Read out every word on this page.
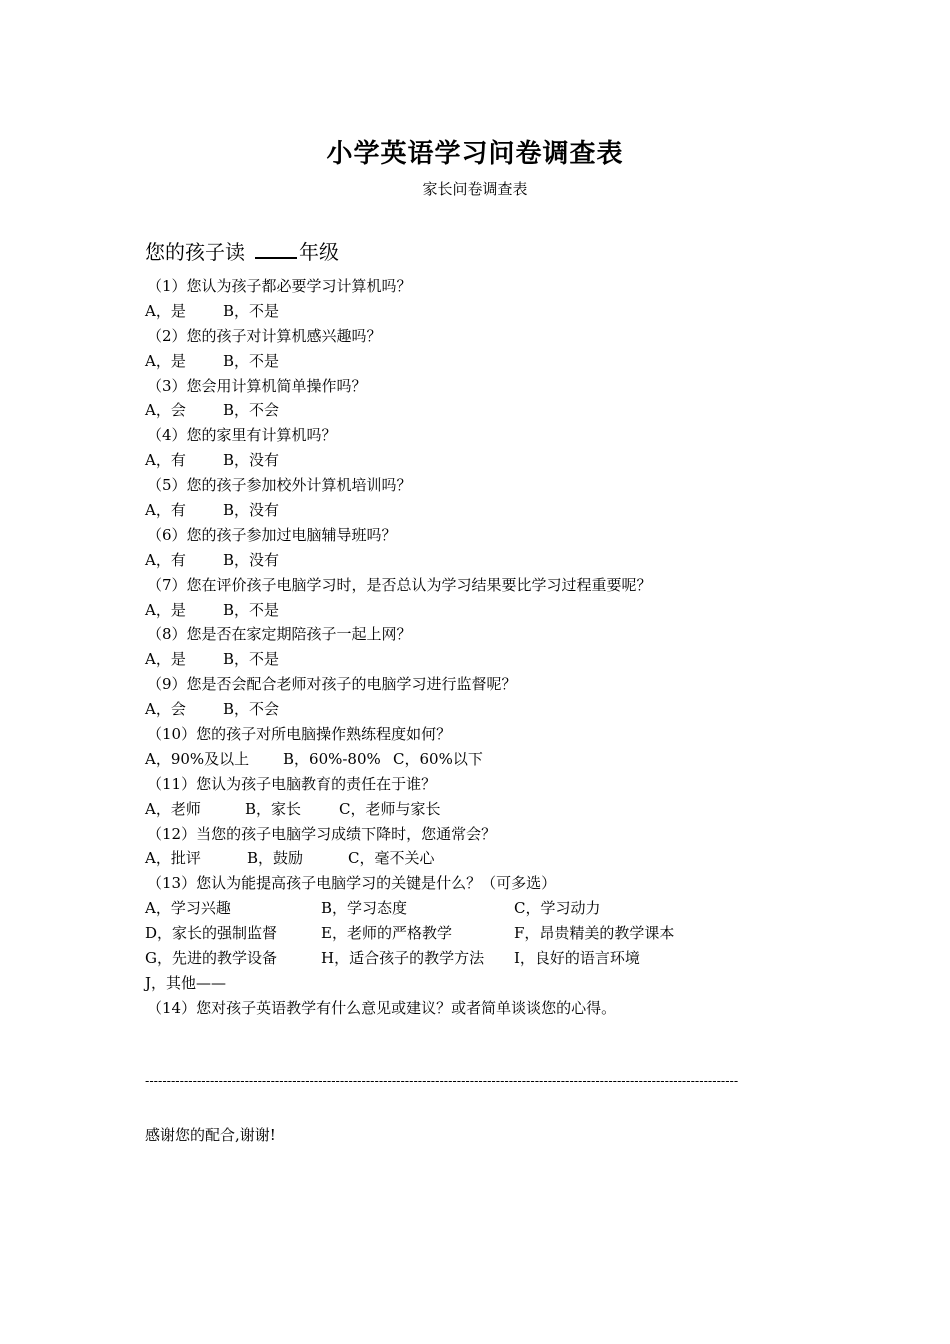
小学英语学习问卷调查表
家长问卷调查表
您的孩子读	年级
（1）您认为孩子都必要学习计算机吗？
A，是 B，不是
（2）您的孩子对计算机感兴趣吗？
A，是 B，不是
（3）您会用计算机简单操作吗？
A，会 B，不会
（4）您的家里有计算机吗？
A，有 B，没有
（5）您的孩子参加校外计算机培训吗？
A，有 B，没有
（6）您的孩子参加过电脑辅导班吗？
A，有 B，没有
（7）您在评价孩子电脑学习时，是否总认为学习结果要比学习过程重要呢？
A，是 B，不是
（8）您是否在家定期陪孩子一起上网？
A，是 B，不是
（9）您是否会配合老师对孩子的电脑学习进行监督呢？
A，会 B，不会
（10）您的孩子对所电脑操作熟练程度如何？
A，90%及以上 B，60%-80% C，60%以下
（11）您认为孩子电脑教育的责任在于谁？
A，老师	B，家长	C，老师与家长
（12）当您的孩子电脑学习成绩下降时，您通常会？
A，批评	B，鼓励	C，毫不关心
（13）您认为能提高孩子电脑学习的关键是什么？（可多选）
A，学习兴趣	B，学习态度	C，学习动力
D，家长的强制监督	E，老师的严格教学	F，昂贵精美的教学课本
G，先进的教学设备	H，适合孩子的教学方法 I，良好的语言环境
J，其他——
（14）您对孩子英语教学有什么意见或建议？或者简单谈谈您的心得。
-----------------------------------------------------------------------------------------------------------------------------------------
感谢您的配合,谢谢!
